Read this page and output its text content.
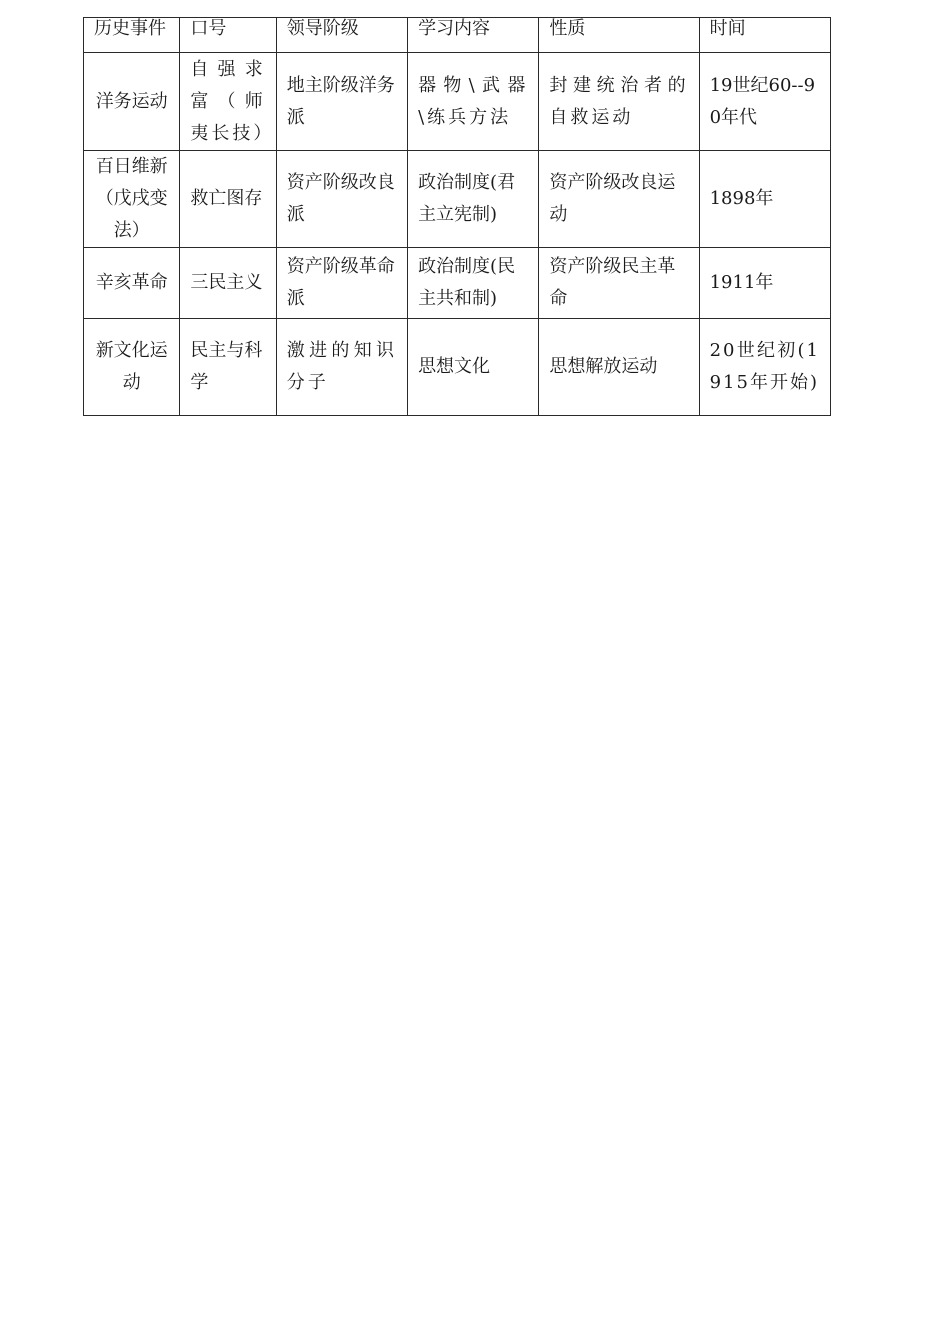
历史事件	口号	领导阶级	学习内容	性质	时间
洋务运动	自强求富（师夷长技）	地主阶级洋务派	器物\武器\练兵方法	封建统治者的自救运动	19世纪60--90年代
百日维新（戊戌变法）	救亡图存	资产阶级改良派	政治制度(君主立宪制)	资产阶级改良运动	1898年
辛亥革命	三民主义	资产阶级革命派	政治制度(民主共和制)	资产阶级民主革命	1911年
新文化运动	民主与科学	激进的知识分子	思想文化	思想解放运动	20世纪初(1915年开始)
